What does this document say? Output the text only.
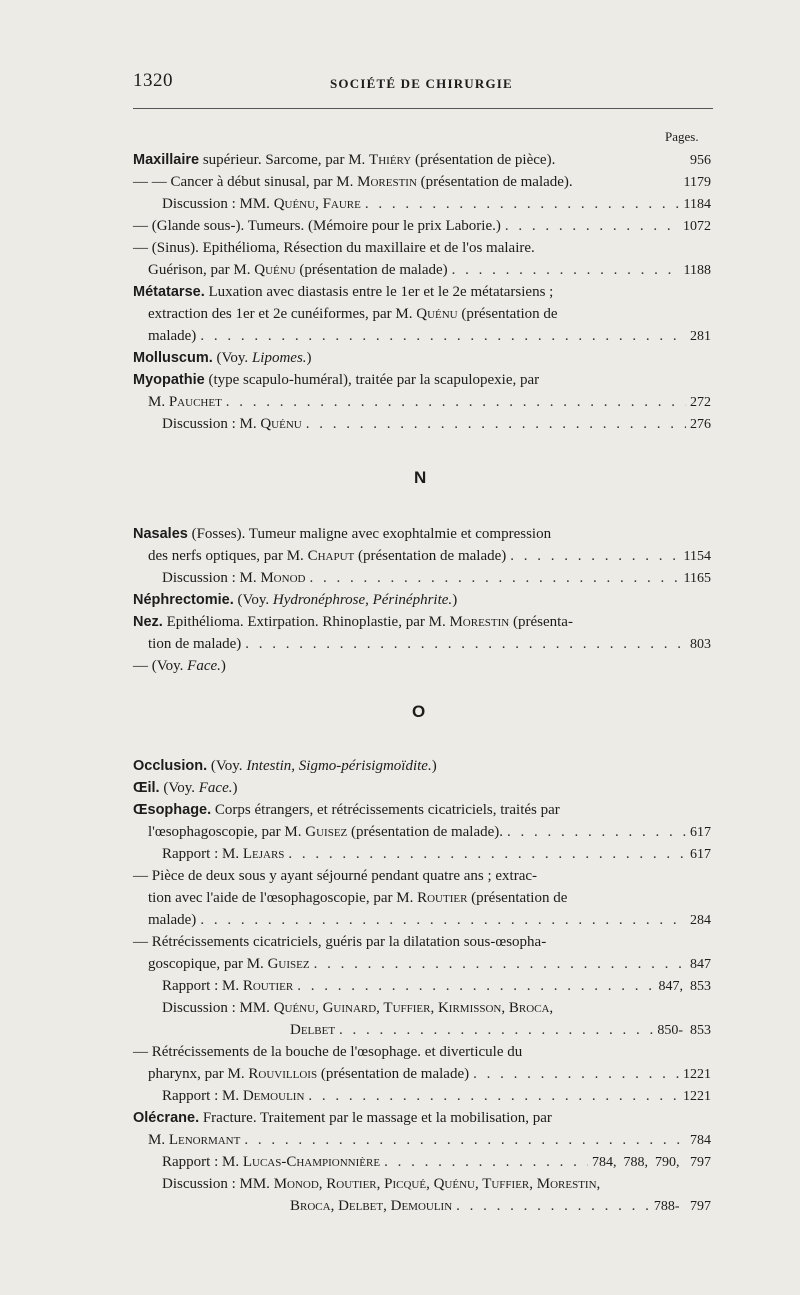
1320	SOCIÉTÉ DE CHIRURGIE
Pages.
Maxillaire supérieur. Sarcome, par M. Thiéry (présentation de pièce).	956
— — Cancer à début sinusal, par M. Morestin (présentation de malade).	1179
Discussion : MM. Quénu, Faure . . .	1184
— (Glande sous-). Tumeurs. (Mémoire pour le prix Laborie.) . . .	1072
— (Sinus). Epithélioma, Résection du maxillaire et de l'os malaire.
Guérison, par M. Quénu (présentation de malade) . . .	1188
Métatarse. Luxation avec diastasis entre le 1er et le 2e métatarsiens ;
extraction des 1er et 2e cunéiformes, par M. Quénu (présentation de
malade) . . .	281
Molluscum. (Voy. Lipomes. )
Myopathie (type scapulo-huméral), traitée par la scapulopexie, par
M. Pauchet . . .	272
Discussion : M. Quénu . . .	276
N
Nasales (Fosses). Tumeur maligne avec exophtalmie et compression
des nerfs optiques, par M. Chaput (présentation de malade) . . .	1154
Discussion : M. Monod . . .	1165
Néphrectomie. (Voy. Hydronéphrose, Périnéphrite. )
Nez. Epithélioma. Extirpation. Rhinoplastie, par M. Morestin (présenta-
tion de malade) . . .	803
— (Voy. Face. )
O
Occlusion. (Voy. Intestin, Sigmo-périsigmoïdite. )
Œil. (Voy. Face. )
Œsophage. Corps étrangers, et rétrécissements cicatriciels, traités par
l'œsophagoscopie, par M. Guisez (présentation de malade). . . .	617
Rapport : M. Lejars . . .	617
— Pièce de deux sous y ayant séjourné pendant quatre ans ; extrac-
tion avec l'aide de l'œsophagoscopie, par M. Routier (présentation de
malade) . . .	284
— Rétrécissements cicatriciels, guéris par la dilatation sous-œsopha-
goscopique, par M. Guisez . . .	847
Rapport : M. Routier . . .	847,  853
Discussion : MM. Quénu, Guinard, Tuffier, Kirmisson, Broca,
Delbet . . .	850-  853
— Rétrécissements de la bouche de l'œsophage. et diverticule du
pharynx, par M. Rouvillois (présentation de malade) . . .	1221
Rapport : M. Demoulin . . .	1221
Olécrane. Fracture. Traitement par le massage et la mobilisation, par
M. Lenormant . . .	784
Rapport : M. Lucas-Championnière . . .	784,  788,  790,   797
Discussion : MM. Monod, Routier, Picqué, Quénu, Tuffier, Morestin,
Broca, Delbet, Demoulin . . .	788-   797
